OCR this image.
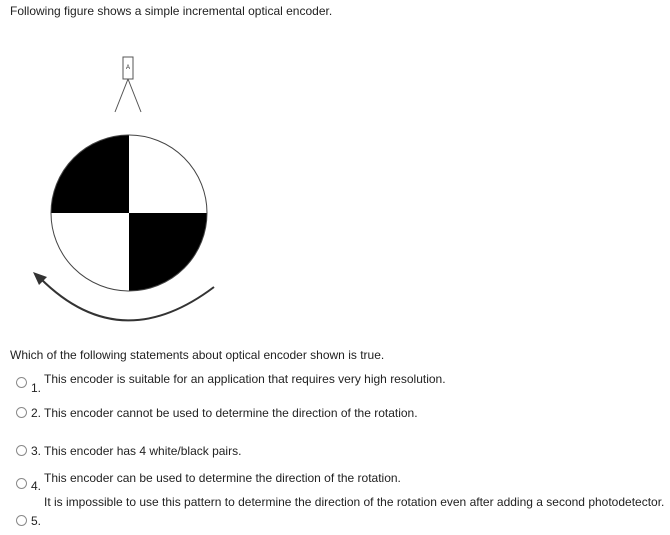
Following figure shows a simple incremental optical encoder.
A
Which of the following statements about optical encoder shown is true.
1.
This encoder is suitable for an application that requires very high resolution.
2. This encoder cannot be used to determine the direction of the rotation.
3. This encoder has 4 white/black pairs.
4.
This encoder can be used to determine the direction of the rotation.
5.
It is impossible to use this pattern to determine the direction of the rotation even after adding a second photodetector.
